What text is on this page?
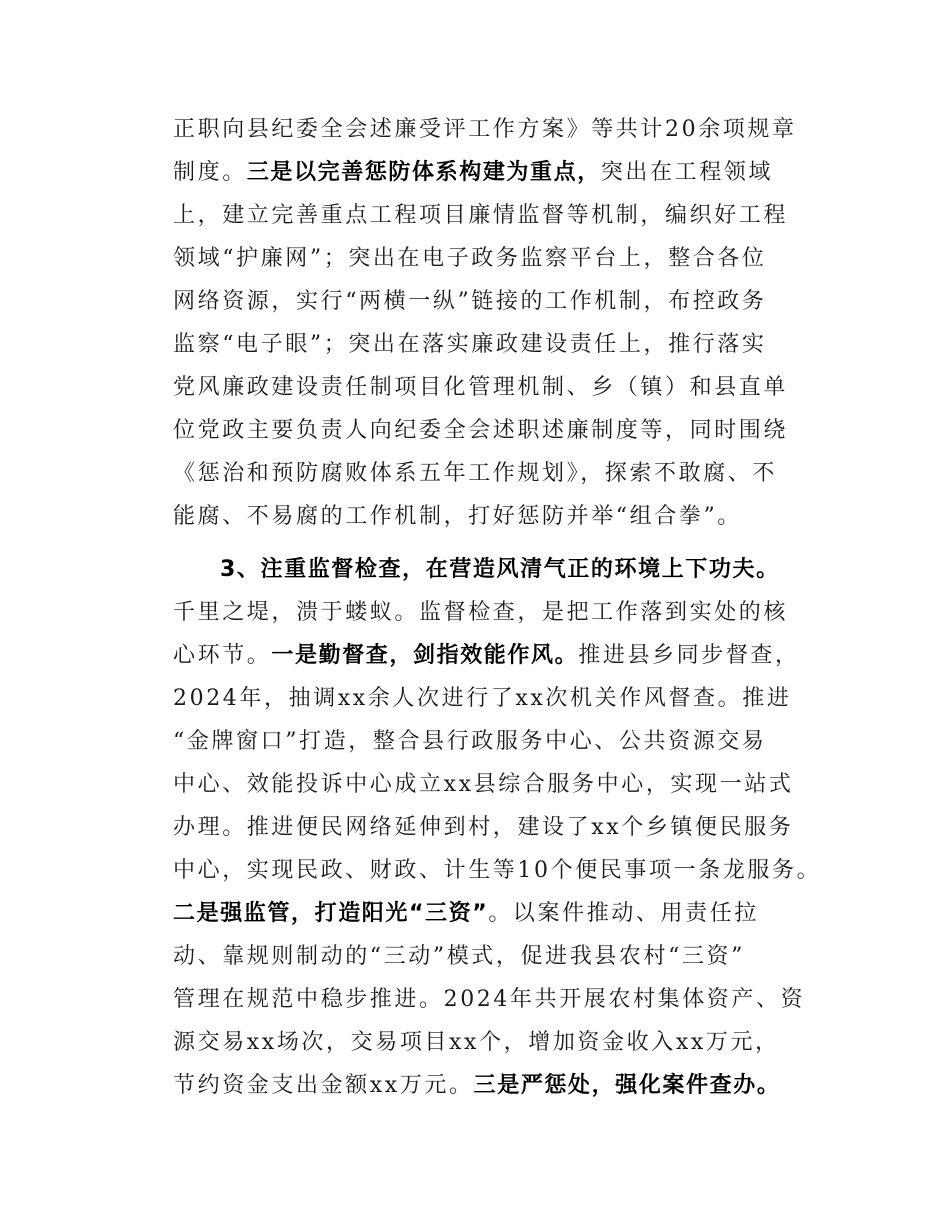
正职向县纪委全会述廉受评工作方案》等共计20余项规章
制度。三是以完善惩防体系构建为重点，突出在工程领域
上，建立完善重点工程项目廉情监督等机制，编织好工程
领域“护廉网”；突出在电子政务监察平台上，整合各位
网络资源，实行“两横一纵”链接的工作机制，布控政务
监察“电子眼”；突出在落实廉政建设责任上，推行落实
党风廉政建设责任制项目化管理机制、乡（镇）和县直单
位党政主要负责人向纪委全会述职述廉制度等，同时围绕
《惩治和预防腐败体系五年工作规划》，探索不敢腐、不
能腐、不易腐的工作机制，打好惩防并举“组合拳”。
3、注重监督检查，在营造风清气正的环境上下功夫。
千里之堤，溃于蝼蚁。监督检查，是把工作落到实处的核
心环节。一是勤督查，剑指效能作风。推进县乡同步督查，
2024年，抽调xx余人次进行了xx次机关作风督查。推进
“金牌窗口”打造，整合县行政服务中心、公共资源交易
中心、效能投诉中心成立xx县综合服务中心，实现一站式
办理。推进便民网络延伸到村，建设了xx个乡镇便民服务
中心，实现民政、财政、计生等10个便民事项一条龙服务。
二是强监管，打造阳光“三资”。以案件推动、用责任拉
动、靠规则制动的“三动”模式，促进我县农村“三资”
管理在规范中稳步推进。2024年共开展农村集体资产、资
源交易xx场次，交易项目xx个，增加资金收入xx万元，
节约资金支出金额xx万元。三是严惩处，强化案件查办。
